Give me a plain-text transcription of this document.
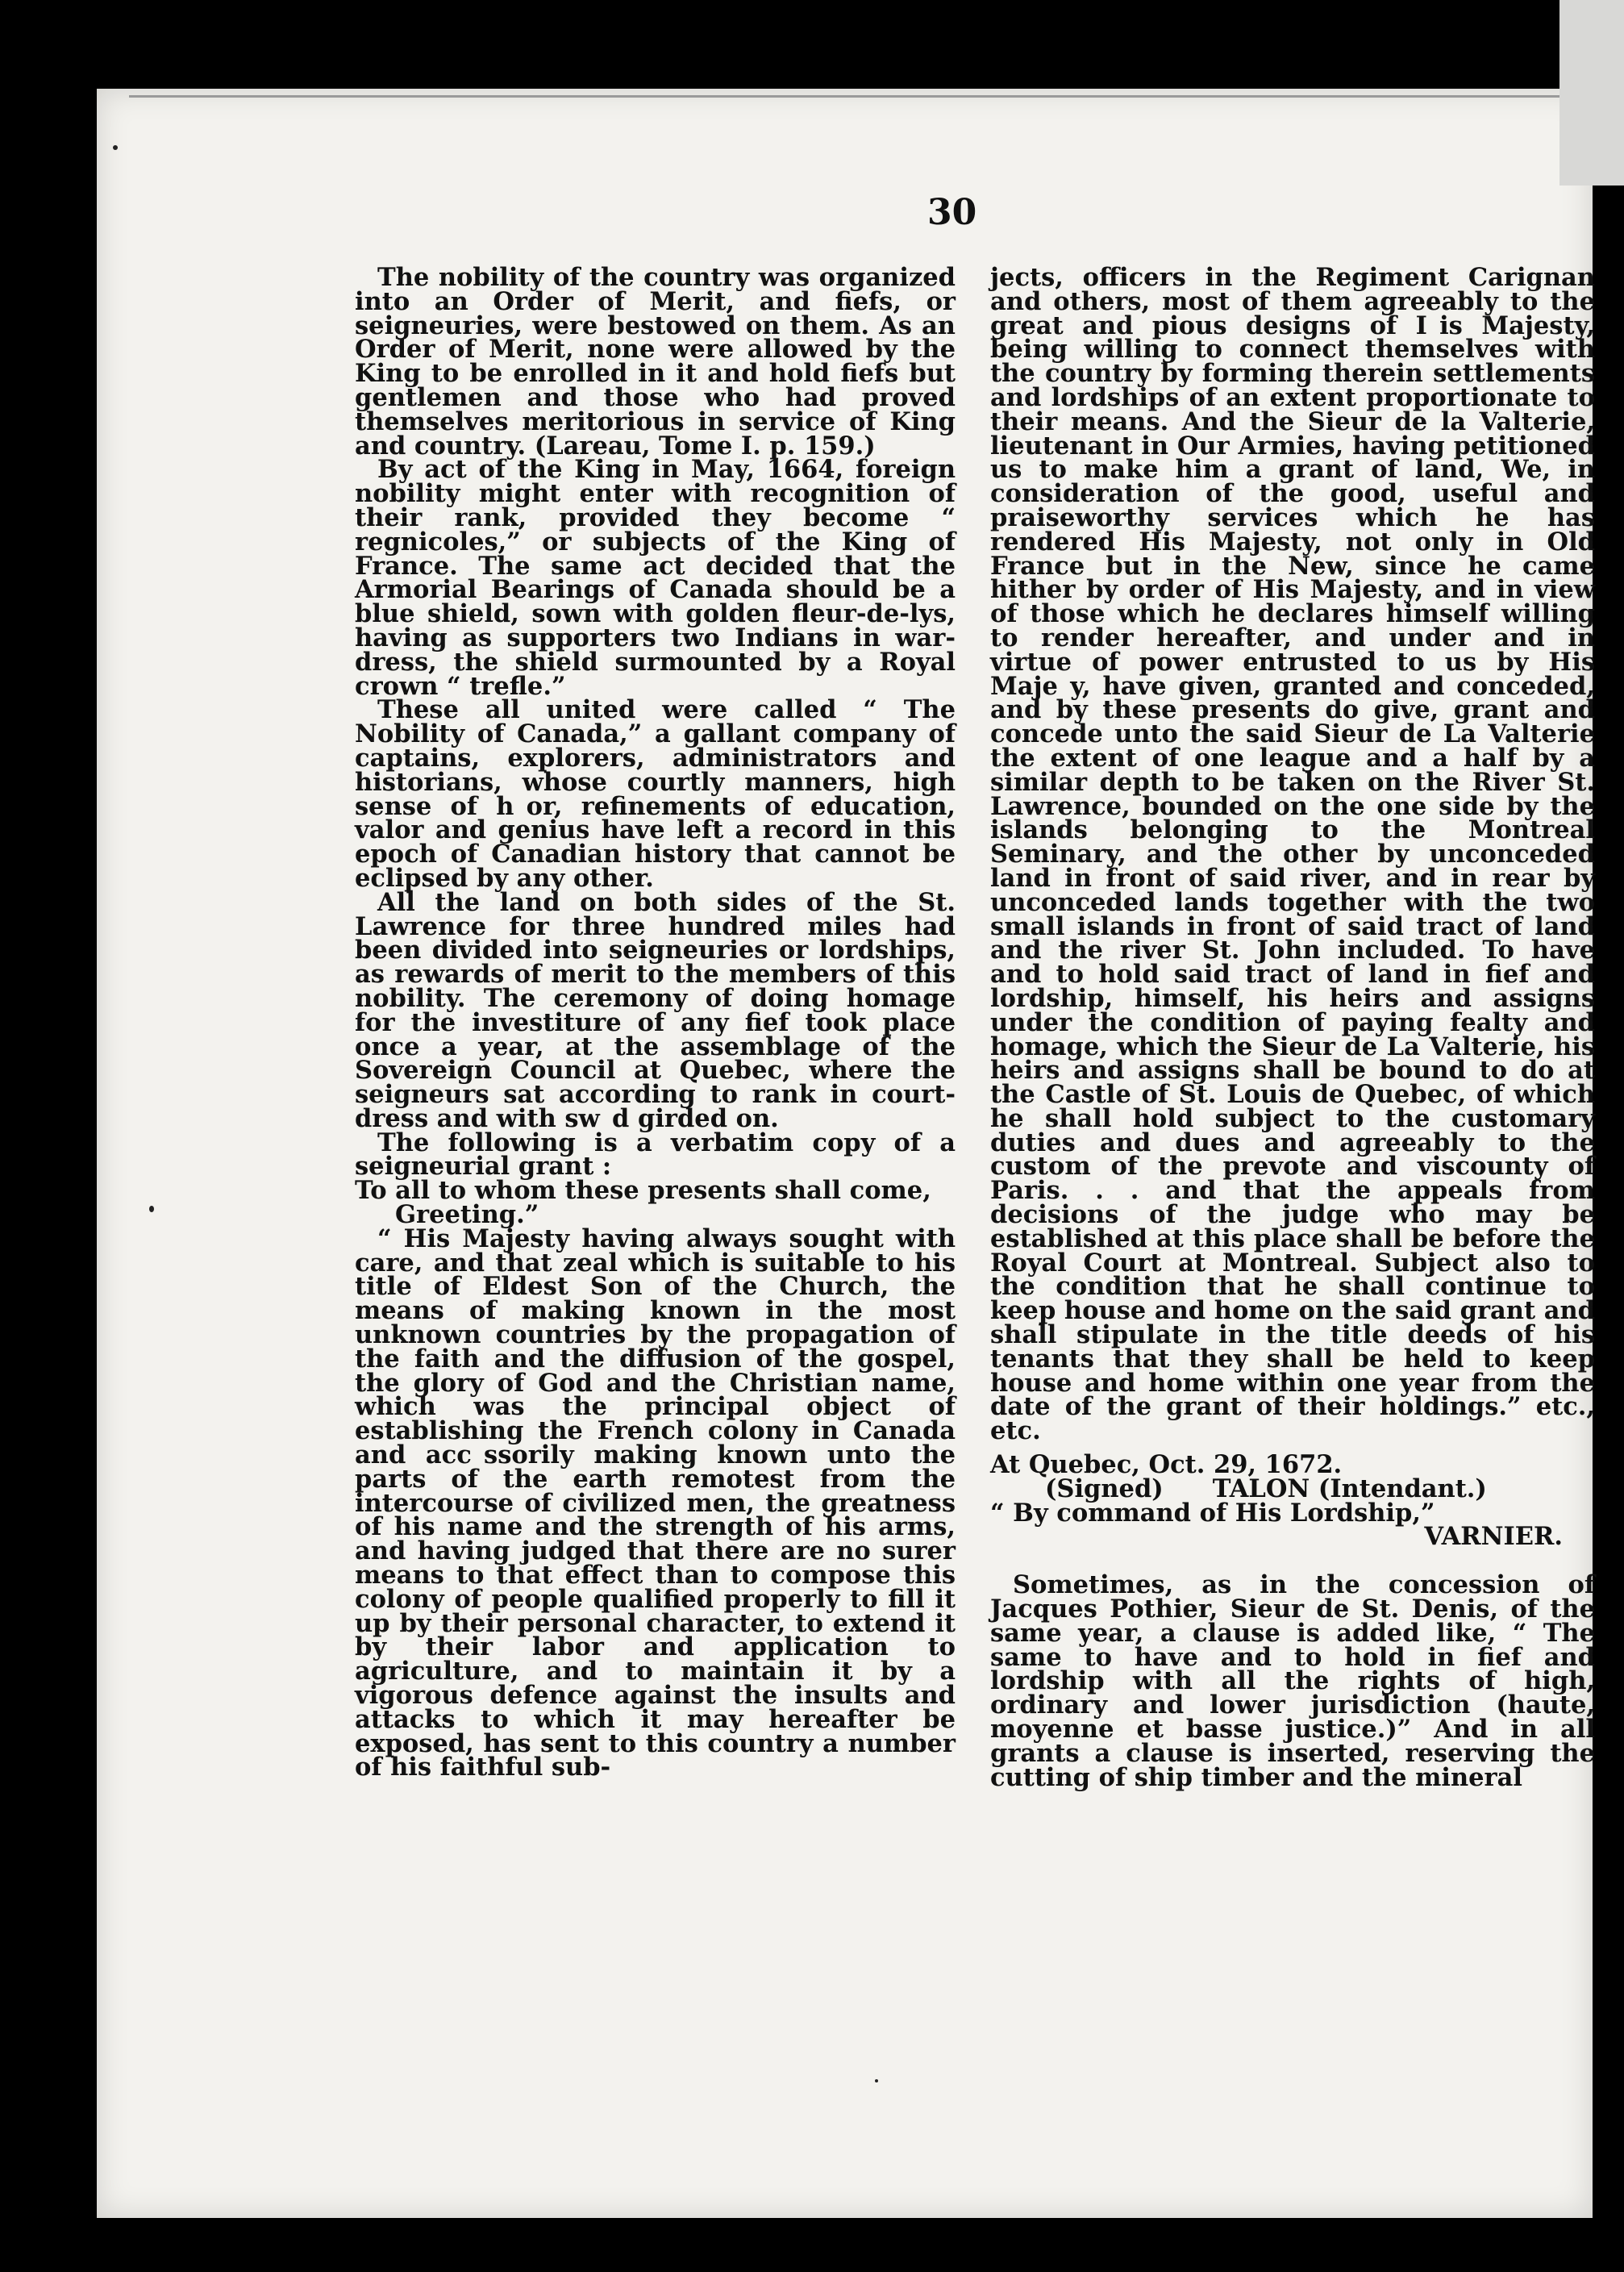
30

The nobility of the country was organized into an Order of Merit, and fiefs, or seigneuries, were bestowed on them. As an Order of Merit, none were allowed by the King to be enrolled in it and hold fiefs but gentlemen and those who had proved themselves meritorious in service of King and country. (Lareau, Tome I. p. 159.)

By act of the King in May, 1664, foreign nobility might enter with recognition of their rank, provided they become “ regnicoles,” or subjects of the King of France. The same act decided that the Armorial Bearings of Canada should be a blue shield, sown with golden fleur-de-lys, having as supporters two Indians in war-dress, the shield surmounted by a Royal crown “ trefle.”

These all united were called “ The Nobility of Canada,” a gallant company of captains, explorers, administrators and historians, whose courtly manners, high sense of h or, refinements of education, valor and genius have left a record in this epoch of Canadian history that cannot be eclipsed by any other.

All the land on both sides of the St. Lawrence for three hundred miles had been divided into seigneuries or lordships, as rewards of merit to the members of this nobility. The ceremony of doing homage for the investiture of any fief took place once a year, at the assemblage of the Sovereign Council at Quebec, where the seigneurs sat according to rank in court-dress and with sw d girded on.

The following is a verbatim copy of a seigneurial grant :

To all to whom these presents shall come,

Greeting.”

“ His Majesty having always sought with care, and that zeal which is suitable to his title of Eldest Son of the Church, the means of making known in the most unknown countries by the propagation of the faith and the diffusion of the gospel, the glory of God and the Christian name, which was the principal object of establishing the French colony in Canada and acc ssorily making known unto the parts of the earth remotest from the intercourse of civilized men, the greatness of his name and the strength of his arms, and having judged that there are no surer means to that effect than to compose this colony of people qualified properly to fill it up by their personal character, to extend it by their labor and application to agriculture, and to maintain it by a vigorous defence against the insults and attacks to which it may hereafter be exposed, has sent to this country a number of his faithful sub-

jects, officers in the Regiment Carignan and others, most of them agreeably to the great and pious designs of I is Majesty, being willing to connect themselves with the country by forming therein settlements and lordships of an extent proportionate to their means. And the Sieur de la Valterie, lieutenant in Our Armies, having petitioned us to make him a grant of land, We, in consideration of the good, useful and praiseworthy services which he has rendered His Majesty, not only in Old France but in the New, since he came hither by order of His Majesty, and in view of those which he declares himself willing to render hereafter, and under and in virtue of power entrusted to us by His Maje y, have given, granted and conceded, and by these presents do give, grant and concede unto the said Sieur de La Valterie the extent of one league and a half by a similar depth to be taken on the River St. Lawrence, bounded on the one side by the islands belonging to the Montreal Seminary, and the other by unconceded land in front of said river, and in rear by unconceded lands together with the two small islands in front of said tract of land and the river St. John included. To have and to hold said tract of land in fief and lordship, himself, his heirs and assigns under the condition of paying fealty and homage, which the Sieur de La Valterie, his heirs and assigns shall be bound to do at the Castle of St. Louis de Quebec, of which he shall hold subject to the customary duties and dues and agreeably to the custom of the prevote and viscounty of Paris. . . and that the appeals from decisions of the judge who may be established at this place shall be before the Royal Court at Montreal. Subject also to the condition that he shall continue to keep house and home on the said grant and shall stipulate in the title deeds of his tenants that they shall be held to keep house and home within one year from the date of the grant of their holdings.” etc., etc.

At Quebec, Oct. 29, 1672.

(Signed)  TALON (Intendant.)

“ By command of His Lordship,”

VARNIER.

Sometimes, as in the concession of Jacques Pothier, Sieur de St. Denis, of the same year, a clause is added like, “ The same to have and to hold in fief and lordship with all the rights of high, ordinary and lower jurisdiction (haute, moyenne et basse justice.)” And in all grants a clause is inserted, reserving the cutting of ship timber and the mineral
